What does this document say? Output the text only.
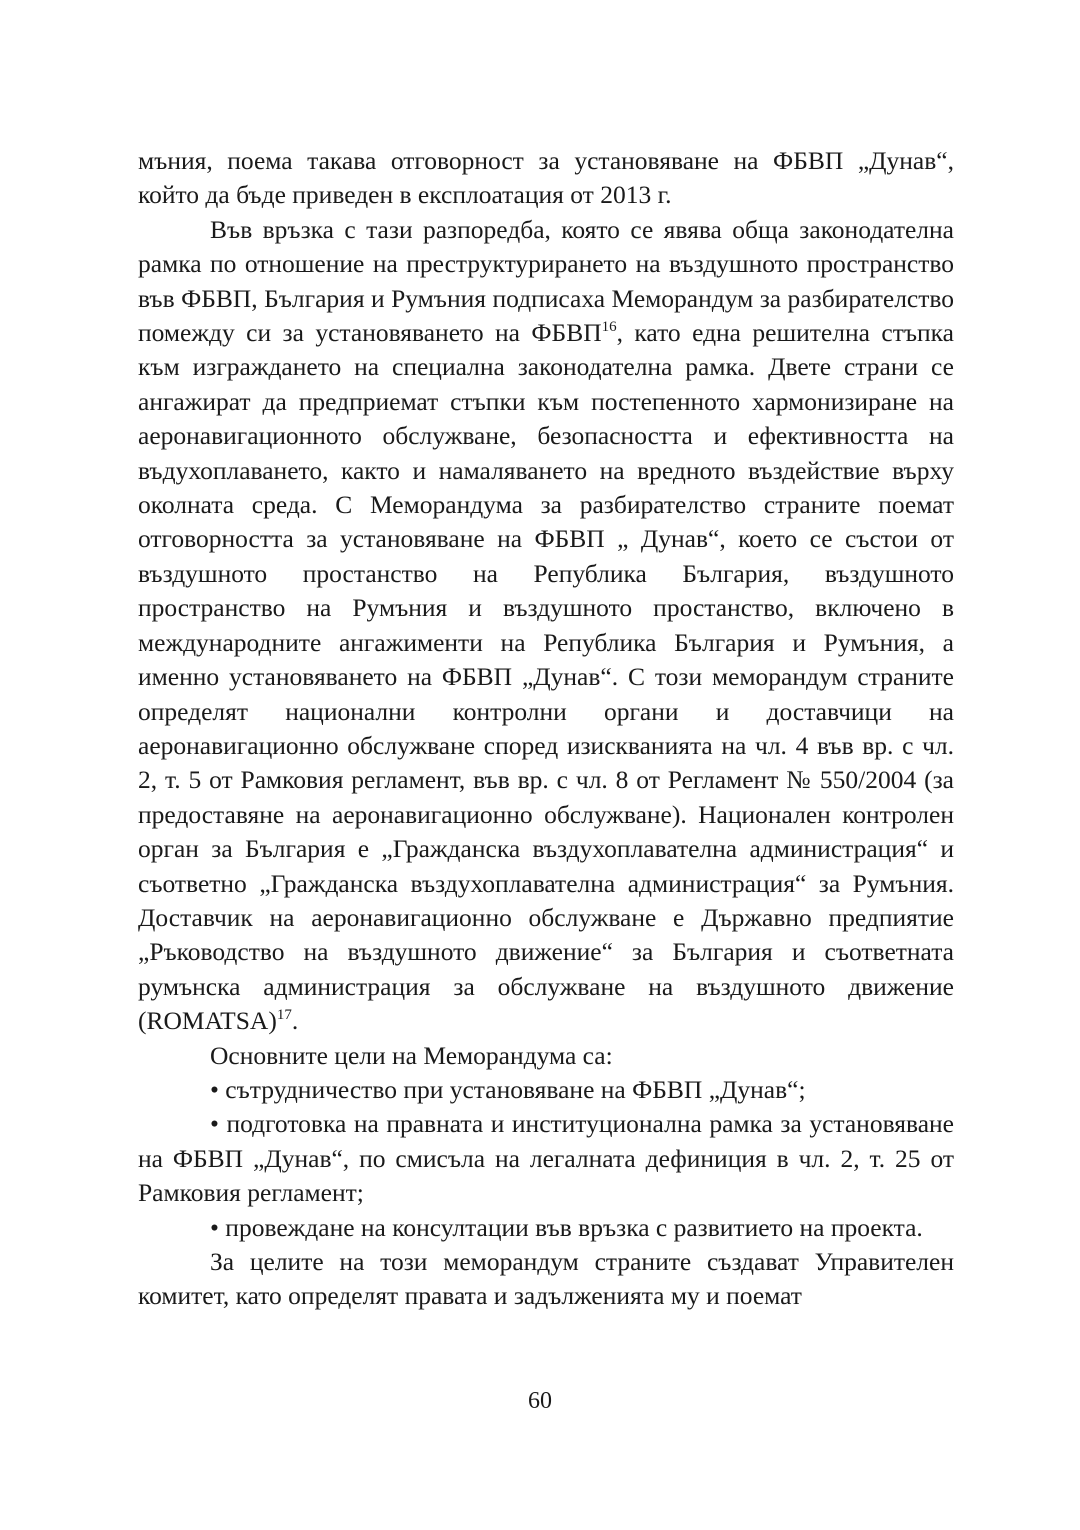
мъния, поема такава отговорност за установяване на ФБВП „Дунав“, който да бъде приведен в експлоатация от 2013 г.

Във връзка с тази разпоредба, която се явява обща законодателна рамка по отношение на преструктурирането на въздушното пространство във ФБВП, България и Румъния подписаха Меморандум за разбирателство помежду си за установяването на ФБВП$^{16}$, като една решителна стъпка към изграждането на специална законодателна рамка. Двете страни се ангажират да предприемат стъпки към постепенното хармонизиране на аеронавигационното обслужване, безопасността и ефективността на въдухоплаването, както и намаляването на вредното въздействие върху околната среда. С Меморандума за разбирателство страните поемат отговорността за установяване на ФБВП „ Дунав“, което се състои от въздушното простанство на Република България, въздушното пространство на Румъния и въздушното простанство, включено в международните ангажименти на Република България и Румъния, а именно установяването на ФБВП „Дунав“. С този меморандум страните определят национални контролни органи и доставчици на аеронавигационно обслужване според изискванията на чл. 4 във вр. с чл. 2, т. 5 от Рамковия регламент, във вр. с чл. 8 от Регламент № 550/2004 (за предоставяне на аеронавигационно обслужване). Национален контролен орган за България е „Гражданска въздухоплавателна администрация“ и съответно „Гражданска въздухоплавателна администрация“ за Румъния. Доставчик на аеронавигационно обслужване е Държавно предпиятие „Ръководство на въздушното движение“ за България и съответната румънска администрация за обслужване на въздушното движение (ROMATSA)$^{17}$.

Основните цели на Меморандума са:

• сътрудничество при установяване на ФБВП „Дунав“;

• подготовка на правната и институционална рамка за установяване на ФБВП „Дунав“, по смисъла на легалната дефиниция в чл. 2, т. 25 от Рамковия регламент;

• провеждане на консултации във връзка с развитието на проекта.

За целите на този меморандум страните създават Управителен комитет, като определят правата и задълженията му и поемат

60
